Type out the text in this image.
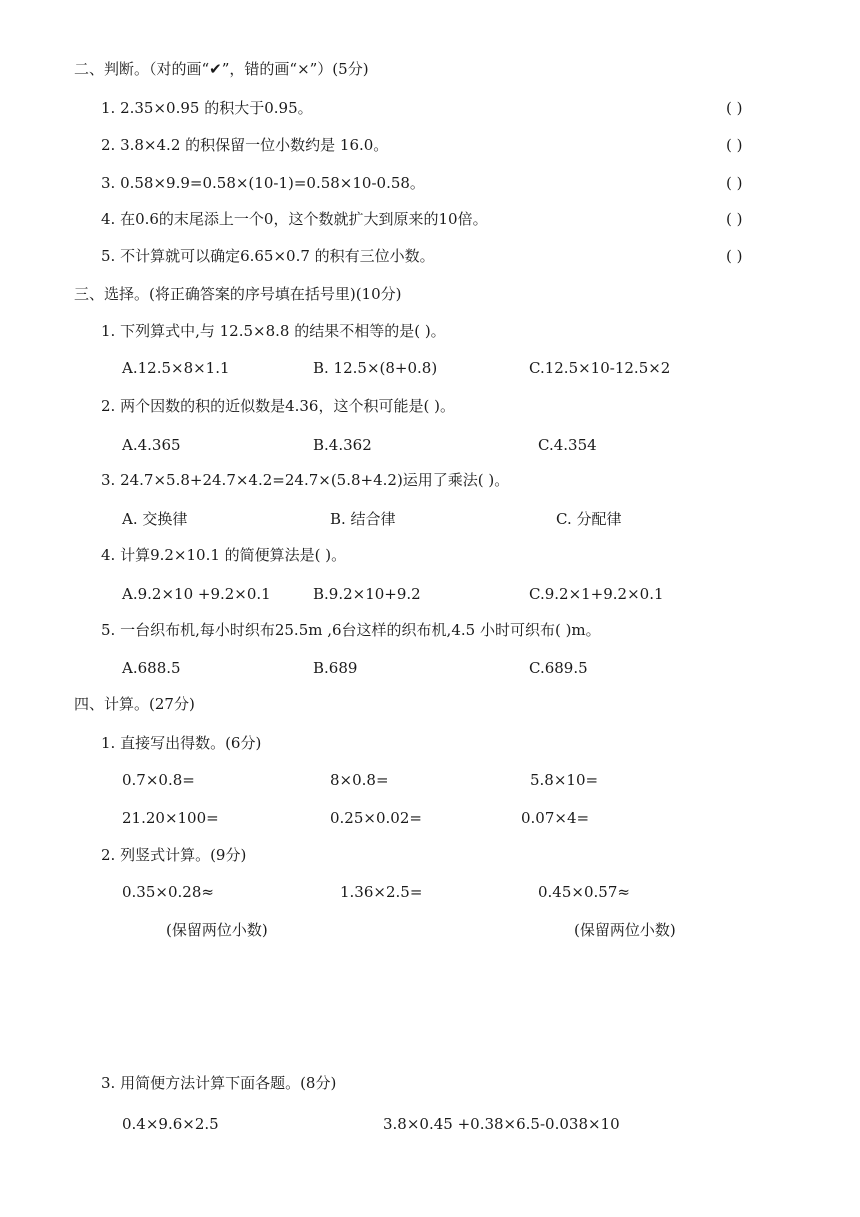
二、判断。（对的画“✔”，错的画“×”）(5分)
1. 2.35×0.95 的积大于0.95。	( )
2. 3.8×4.2 的积保留一位小数约是 16.0。	( )
3. 0.58×9.9=0.58×(10-1)=0.58×10-0.58。	( )
4. 在0.6的末尾添上一个0，这个数就扩大到原来的10倍。	( )
5. 不计算就可以确定6.65×0.7 的积有三位小数。	( )
三、选择。(将正确答案的序号填在括号里)(10分)
1. 下列算式中,与 12.5×8.8 的结果不相等的是( )。
A.12.5×8×1.1	B. 12.5×(8+0.8)	C.12.5×10-12.5×2
2. 两个因数的积的近似数是4.36，这个积可能是( )。
A.4.365	B.4.362	C.4.354
3. 24.7×5.8+24.7×4.2=24.7×(5.8+4.2)运用了乘法( )。
A. 交换律	B. 结合律	C. 分配律
4. 计算9.2×10.1 的简便算法是( )。
A.9.2×10 +9.2×0.1	B.9.2×10+9.2	C.9.2×1+9.2×0.1
5. 一台织布机,每小时织布25.5m ,6台这样的织布机,4.5 小时可织布( )m。
A.688.5	B.689	C.689.5
四、计算。(27分)
1. 直接写出得数。(6分)
0.7×0.8=	8×0.8=	5.8×10=
21.20×100=	0.25×0.02=	0.07×4=
2. 列竖式计算。(9分)
0.35×0.28≈	1.36×2.5=	0.45×0.57≈
(保留两位小数)	(保留两位小数)
3. 用简便方法计算下面各题。(8分)
0.4×9.6×2.5	3.8×0.45 +0.38×6.5-0.038×10
